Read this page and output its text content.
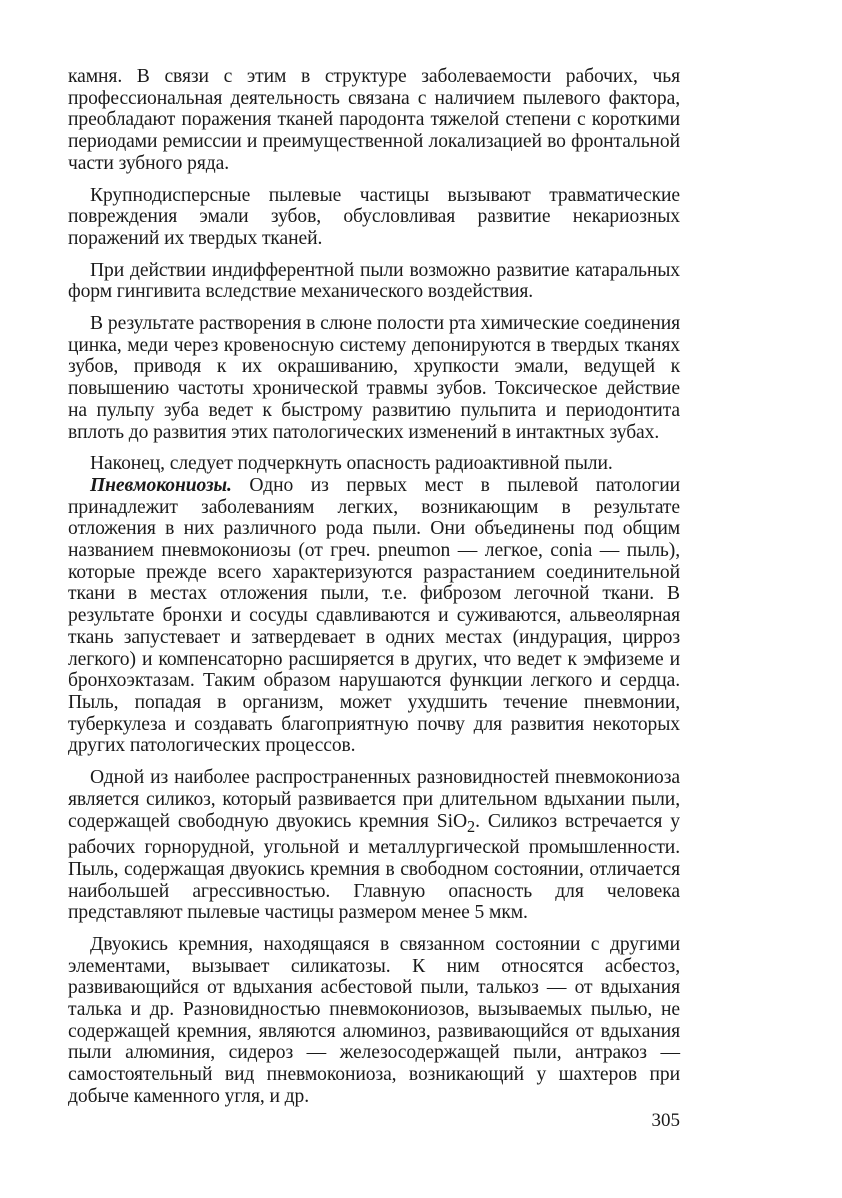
камня. В связи с этим в структуре заболеваемости рабочих, чья профессиональная деятельность связана с наличием пылевого фактора, преобладают поражения тканей пародонта тяжелой степени с короткими периодами ремиссии и преимущественной локализацией во фронтальной части зубного ряда.

Крупнодисперсные пылевые частицы вызывают травматические повреждения эмали зубов, обусловливая развитие некариозных поражений их твердых тканей.

При действии индифферентной пыли возможно развитие катаральных форм гингивита вследствие механического воздействия.

В результате растворения в слюне полости рта химические соединения цинка, меди через кровеносную систему депонируются в твердых тканях зубов, приводя к их окрашиванию, хрупкости эмали, ведущей к повышению частоты хронической травмы зубов. Токсическое действие на пульпу зуба ведет к быстрому развитию пульпита и периодонтита вплоть до развития этих патологических изменений в интактных зубах.

Наконец, следует подчеркнуть опасность радиоактивной пыли.

Пневмокониозы. Одно из первых мест в пылевой патологии принадлежит заболеваниям легких, возникающим в результате отложения в них различного рода пыли. Они объединены под общим названием пневмокониозы (от греч. pneumon — легкое, conia — пыль), которые прежде всего характеризуются разрастанием соединительной ткани в местах отложения пыли, т.е. фиброзом легочной ткани. В результате бронхи и сосуды сдавливаются и суживаются, альвеолярная ткань запустевает и затвердевает в одних местах (индурация, цирроз легкого) и компенсаторно расширяется в других, что ведет к эмфиземе и бронхоэктазам. Таким образом нарушаются функции легкого и сердца. Пыль, попадая в организм, может ухудшить течение пневмонии, туберкулеза и создавать благоприятную почву для развития некоторых других патологических процессов.

Одной из наиболее распространенных разновидностей пневмокониоза является силикоз, который развивается при длительном вдыхании пыли, содержащей свободную двуокись кремния SiO$_2$. Силикоз встречается у рабочих горнорудной, угольной и металлургической промышленности. Пыль, содержащая двуокись кремния в свободном состоянии, отличается наибольшей агрессивностью. Главную опасность для человека представляют пылевые частицы размером менее 5 мкм.

Двуокись кремния, находящаяся в связанном состоянии с другими элементами, вызывает силикатозы. К ним относятся асбестоз, развивающийся от вдыхания асбестовой пыли, талькоз — от вдыхания талька и др. Разновидностью пневмокониозов, вызываемых пылью, не содержащей кремния, являются алюминоз, развивающийся от вдыхания пыли алюминия, сидероз — железосодержащей пыли, антракоз — самостоятельный вид пневмокониоза, возникающий у шахтеров при добыче каменного угля, и др.

305
